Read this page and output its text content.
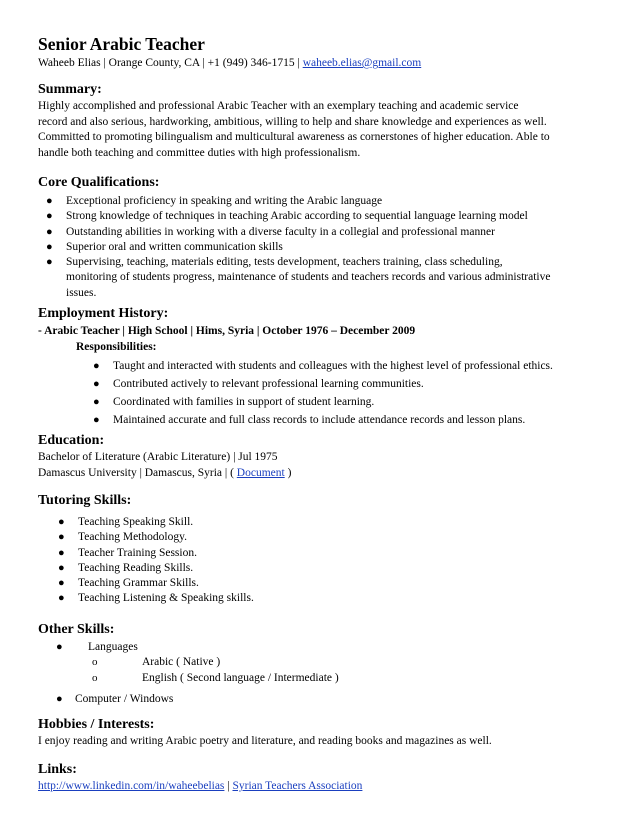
Senior Arabic Teacher
Waheeb Elias | Orange County, CA | +1 (949) 346-1715 | waheeb.elias@gmail.com
Summary:
Highly accomplished and professional Arabic Teacher with an exemplary teaching and academic service
record and also serious, hardworking, ambitious, willing to help and share knowledge and experiences as well.
Committed to promoting bilingualism and multicultural awareness as cornerstones of higher education. Able to
handle both teaching and committee duties with high professionalism.
Core Qualifications:
● Exceptional proficiency in speaking and writing the Arabic language
● Strong knowledge of techniques in teaching Arabic according to sequential language learning model
● Outstanding abilities in working with a diverse faculty in a collegial and professional manner
● Superior oral and written communication skills
● Supervising, teaching, materials editing, tests development, teachers training, class scheduling,
monitoring of students progress, maintenance of students and teachers records and various administrative
issues.
Employment History:
- Arabic Teacher | High School | Hims, Syria | October 1976 – December 2009
Responsibilities:
● Taught and interacted with students and colleagues with the highest level of professional ethics.
● Contributed actively to relevant professional learning communities.
● Coordinated with families in support of student learning.
● Maintained accurate and full class records to include attendance records and lesson plans.
Education:
Bachelor of Literature (Arabic Literature) | Jul 1975
Damascus University | Damascus, Syria | ( Document )
Tutoring Skills:
● Teaching Speaking Skill.
● Teaching Methodology.
● Teacher Training Session.
● Teaching Reading Skills.
● Teaching Grammar Skills.
● Teaching Listening & Speaking skills.
Other Skills:
● Languages
o	Arabic ( Native )
o	English ( Second language / Intermediate )
● Computer / Windows
Hobbies / Interests:
I enjoy reading and writing Arabic poetry and literature, and reading books and magazines as well.
Links:
http://www.linkedin.com/in/waheebelias | Syrian Teachers Association
